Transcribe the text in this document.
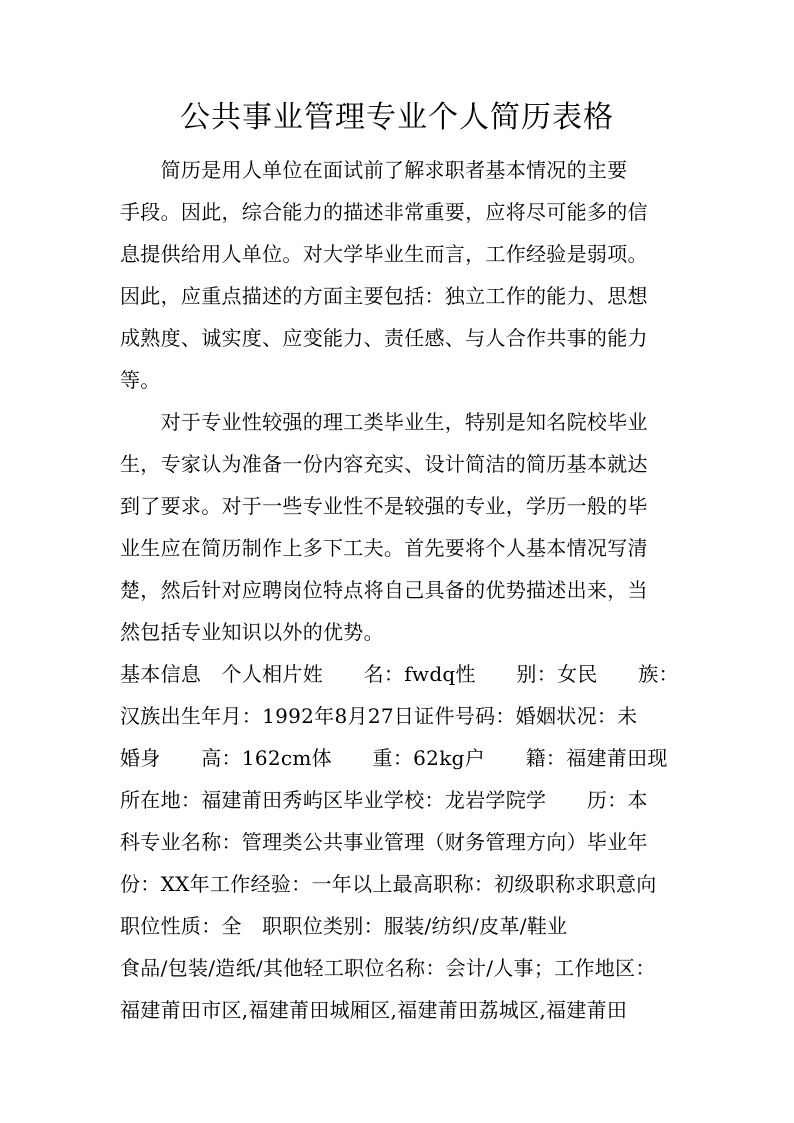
公共事业管理专业个人简历表格
　　简历是用人单位在面试前了解求职者基本情况的主要
手段。因此，综合能力的描述非常重要，应将尽可能多的信
息提供给用人单位。对大学毕业生而言，工作经验是弱项。
因此，应重点描述的方面主要包括：独立工作的能力、思想
成熟度、诚实度、应变能力、责任感、与人合作共事的能力
等。
　　对于专业性较强的理工类毕业生，特别是知名院校毕业
生，专家认为准备一份内容充实、设计简洁的简历基本就达
到了要求。对于一些专业性不是较强的专业，学历一般的毕
业生应在简历制作上多下工夫。首先要将个人基本情况写清
楚，然后针对应聘岗位特点将自己具备的优势描述出来，当
然包括专业知识以外的优势。
基本信息　个人相片姓　　名：fwdq性　　别：女民　　族：
汉族出生年月：1992年8月27日证件号码：婚姻状况：未
婚身　　高：162cm体　　重：62kg户　　籍：福建莆田现
所在地：福建莆田秀屿区毕业学校：龙岩学院学　　历：本
科专业名称：管理类公共事业管理（财务管理方向）毕业年
份：XX年工作经验：一年以上最高职称：初级职称求职意向
职位性质：全　职职位类别：服装/纺织/皮革/鞋业
食品/包装/造纸/其他轻工职位名称：会计/人事；工作地区：
福建莆田市区,福建莆田城厢区,福建莆田荔城区,福建莆田
